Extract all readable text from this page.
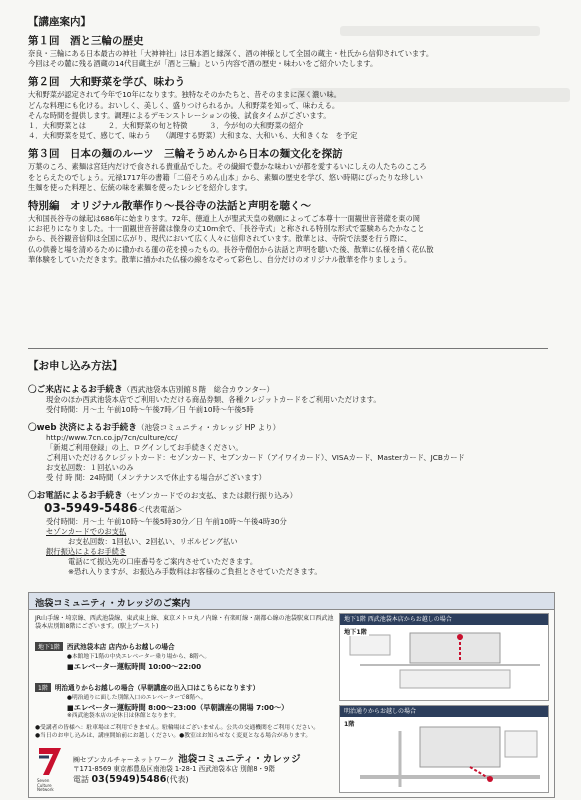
【講座案内】
第１回　酒と三輪の歴史

奈良・三輪にある日本最古の神社「大神神社」は日本酒と縁深く、酒の神様として全国の蔵主・杜氏から信仰されています。
今回はその麓に残る酒蔵の14代目蔵主が「酒と三輪」という内容で酒の歴史・味わいをご紹介いたします。

第２回　大和野菜を学び、味わう

大和野菜が認定されて今年で10年になります。独特なそのかたちと、昔そのままに深く濃い味。
どんな料理にも化ける。おいしく、美しく、盛りつけられるか。人和野菜を知って、味わえる。
そんな時間を提供します。調理によるデモンストレーションの後、試食タイムがございます。
１．大和野菜とは　　　２．大和野菜の旬と特徴　　　３．今が旬の大和野菜の紹介
４．大和野菜を見て、感じて、味わう　　（調理する野菜）大和まな、大和いも、大和きくな　を予定

第３回　日本の麺のルーツ　三輪そうめんから日本の麺文化を探訪

万葉のころ、素麺は宮廷内だけで食される貴重品でした。その繊細で豊かな味わいが都を愛するいにしえの人たちのこころ
をとらえたのでしょう。元禄1717年の書籍「二倍そうめん山本」から、素麺の歴史を学び、悠い時期にぴったりな珍しい
生麺を使った料理と、伝統の味を素麺を使ったレシピを紹介します。

特別編　オリジナル散華作り～長谷寺の法話と声明を聴く～

大和国長谷寺の縁起は686年に始まります。72年、徳道上人が聖武天皇の勅願によってご本尊十一面観世音菩薩を東の岡
にお祀りになりました。十一面観世音菩薩は像身の丈10m余で、「長谷寺式」と称される特別な形式で霊験あらたかなこと
から、長谷観音信仰は全国に広がり、現代において広く人々に信仰されています。散華とは、寺院で法要を行う際に、
仏の供養と場を清めるために撒かれる蓮の花を摸ったもの。長谷寺僧侶から法話と声明を聴いた後、散華に仏様を描く花仏散
華体験をしていただきます。散華に描かれた仏様の線をなぞって彩色し、自分だけのオリジナル散華を作りましょう。

【お申し込み方法】
〇ご来店によるお手続き（西武池袋本店別館８階　総合カウンター）
現金のほか西武池袋本店でご利用いただける商品券類、各種クレジットカードをご利用いただけます。
受付時間：月～土 午前10時～午後7時／日 午前10時～午後5時
〇web 決済によるお手続き（池袋コミュニティ・カレッジ HP より）
http://www.7cn.co.jp/7cn/culture/cc/
「新規ご利用登録」の上、ログインしてお手続きください。
ご利用いただけるクレジットカード：セゾンカード、セブンカード（アイワイカード）、VISAカード、Masterカード、JCBカード
お支払回数：１回払いのみ
受 付 時 間：24時間（メンテナンスで休止する場合がございます）
〇お電話によるお手続き（セゾンカードでのお支払、または銀行振り込み）
03-5949-5486＜代表電話＞
受付時間：月～土 午前10時～午後5時30分／日 午前10時～午後4時30分
セゾンカードでのお支払
お支払回数：1回払い、2回払い、リボルビング払い
銀行振込によるお手続き
電話にて振込先の口座番号をご案内させていただきます。
※恐れ入りますが、お振込み手数料はお客様のご負担とさせていただきます。
池袋コミュニティ・カレッジのご案内

JR山手線・埼京線、西武池袋線、東武東上線、東京メトロ丸ノ内線・有楽町線・副都心線の池袋駅東口西武池袋本店別館8階にございます。(駅上ブースト)

地下1階 西武池袋本店 店内からお越しの場合
●本館地下1階の中央エレベーター乗り場から、8階へ。
■エレベーター運転時間 10:00～22:00
1階 明治通りからお越しの場合（早朝講座の出入口はこちらになります）
●明治通りに面した別館入口のエレベーターで8階へ。
■エレベーター運転時間 8:00～23:00（早朝講座の開場 7:00～）
※西武池袋本店の定休日は休館となります。
●受講者の皆様へ：駐車場はご利用できません。駐輪場はございません。公共の交通機関をご利用ください。
●当日のお申し込みは、講座開始前にお越しください。●教室はお知らせなく変更となる場合があります。
Seven Culture Network
㈱セブンカルチャーネットワーク 池袋コミュニティ・カレッジ
〒171-8569 東京都豊島区南池袋 1-28-1 西武池袋本店 別館8・9階
電話 03(5949)5486(代表)
地下1階 西武池袋本店からお越しの場合
地下1階
明治通りからお越しの場合
1階
